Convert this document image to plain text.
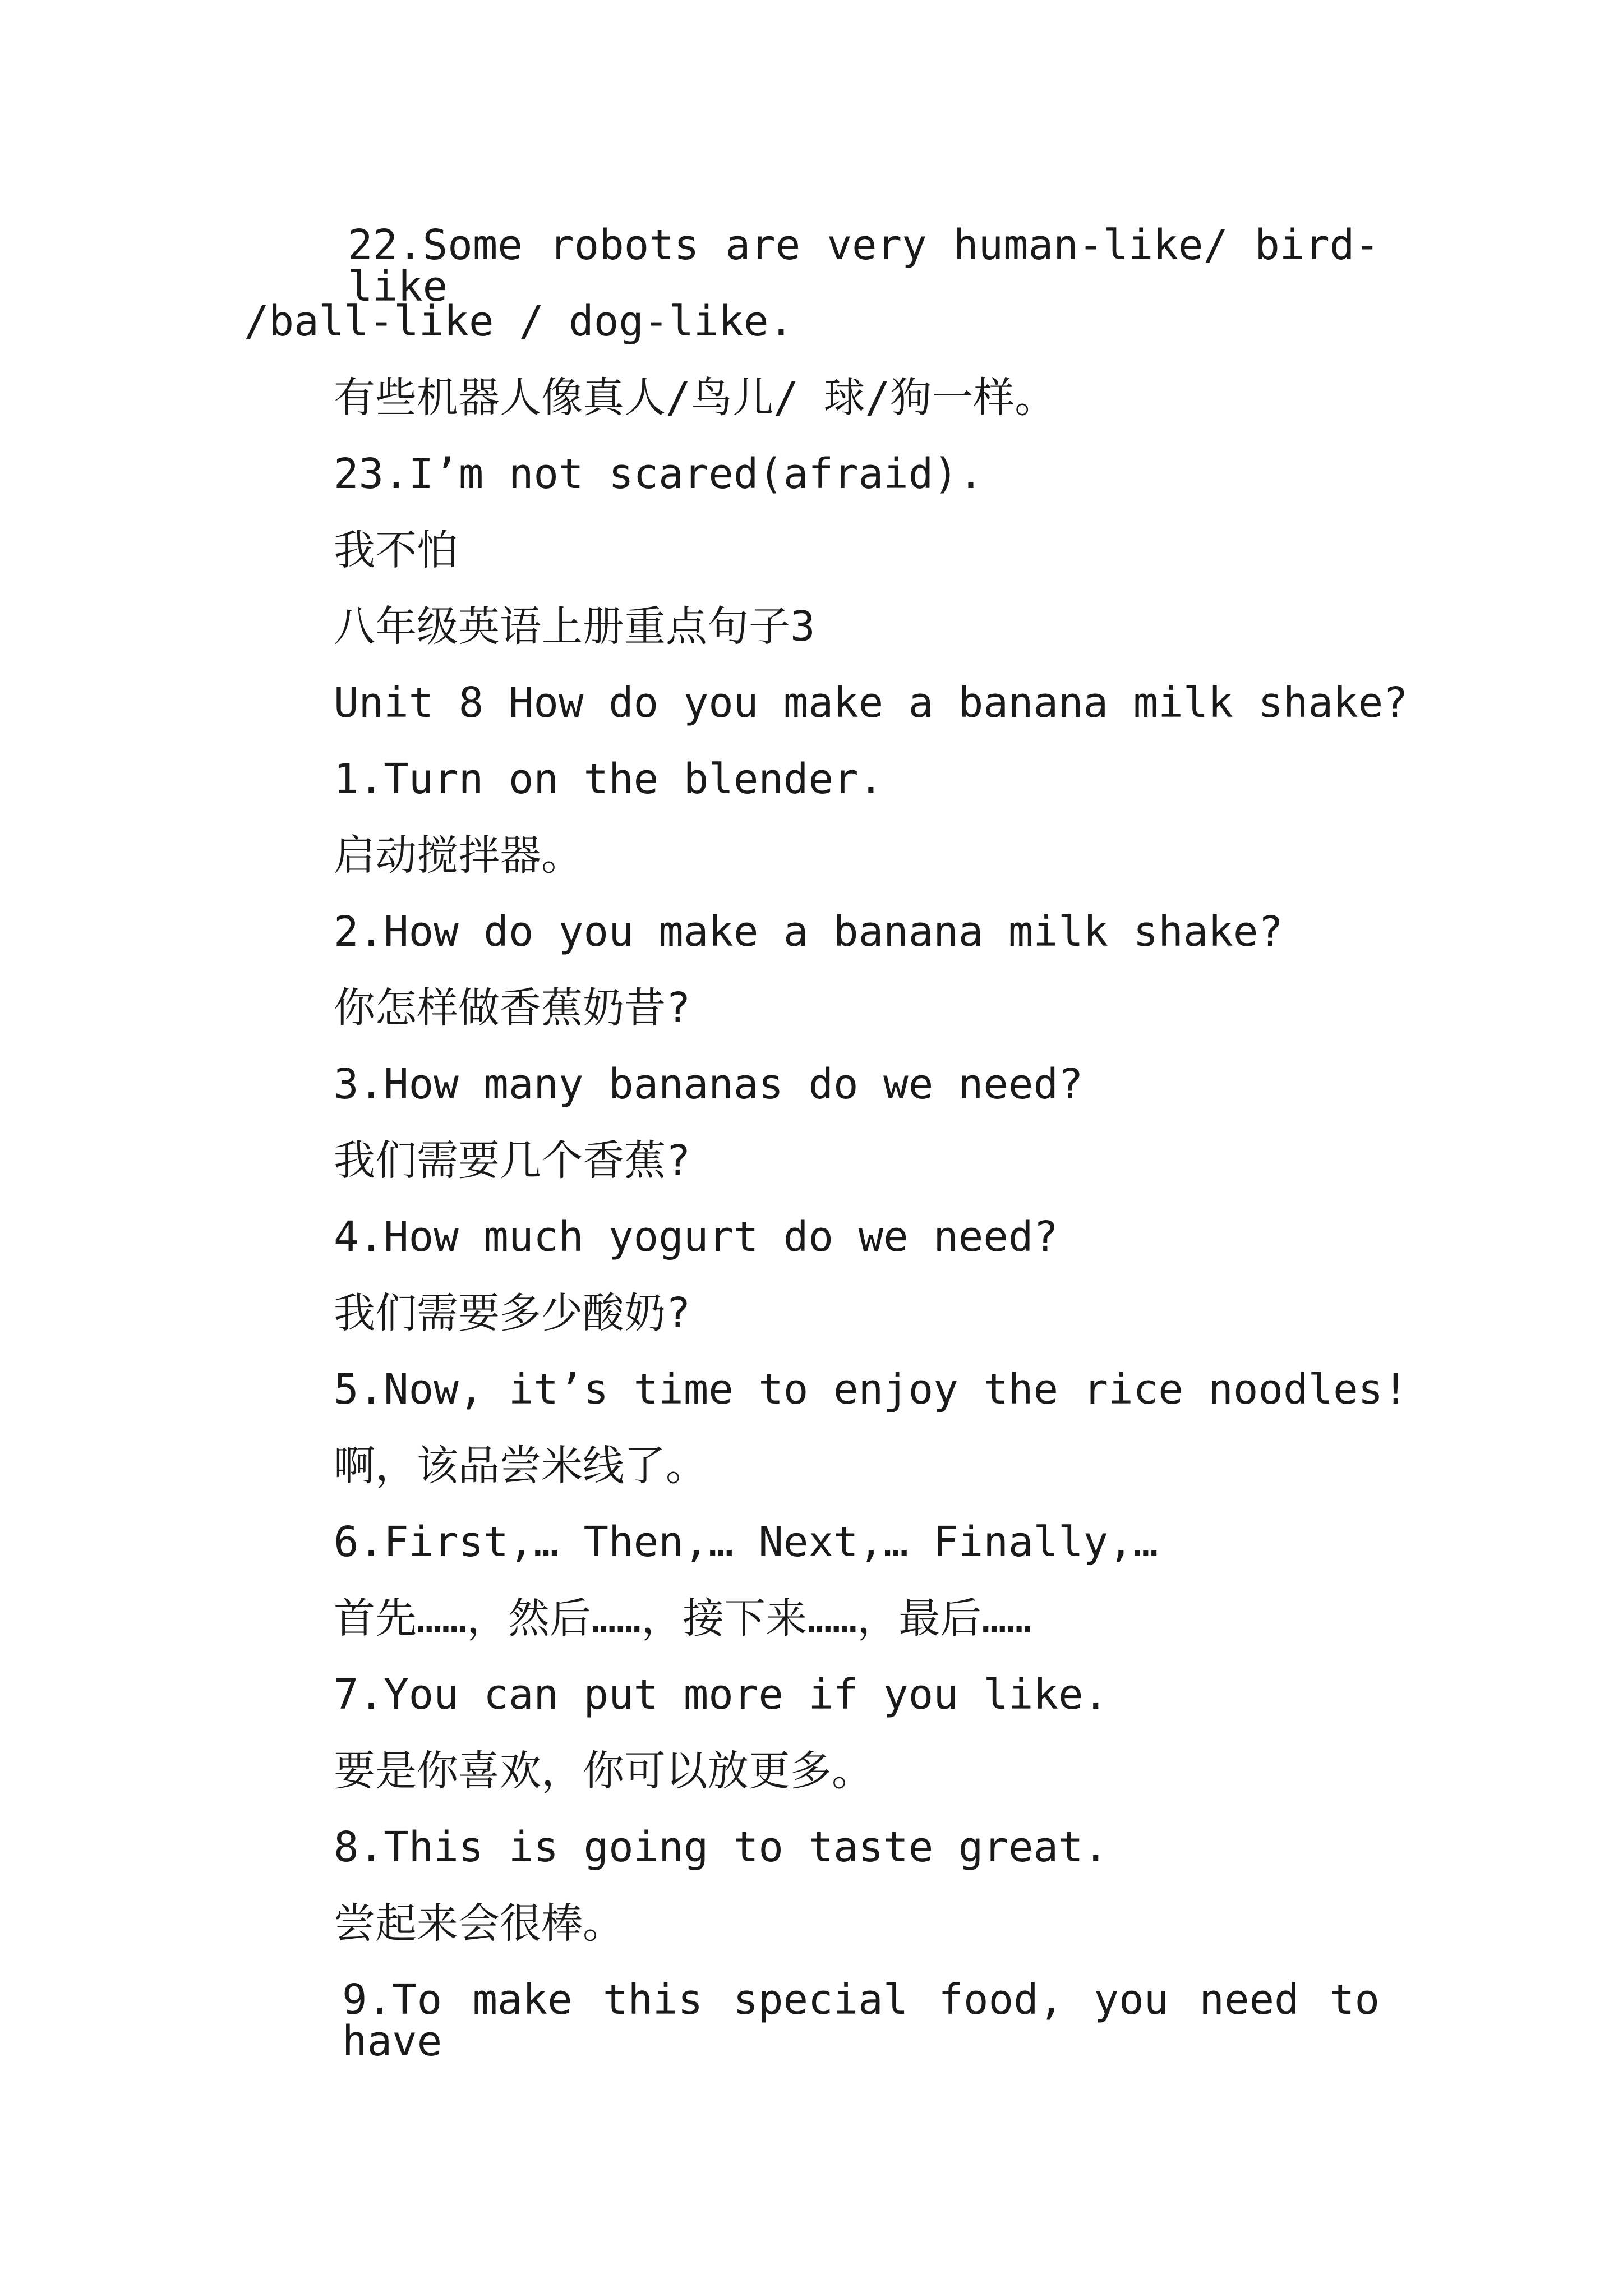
22.Some robots are very human-like/ bird-like
/ball-like / dog-like.
有些机器人像真人/鸟儿/ 球/狗一样。
23.I’m not scared(afraid).
我不怕
八年级英语上册重点句子3
Unit 8 How do you make a banana milk shake?
1.Turn on the blender.
启动搅拌器。
2.How do you make a banana milk shake?
你怎样做香蕉奶昔?
3.How many bananas do we need?
我们需要几个香蕉?
4.How much yogurt do we need?
我们需要多少酸奶?
5.Now, it’s time to enjoy the rice noodles!
啊，该品尝米线了。
6.First,… Then,… Next,… Finally,…
首先……，然后……，接下来……，最后……
7.You can put more if you like.
要是你喜欢，你可以放更多。
8.This is going to taste great.
尝起来会很棒。
9.To make this special food, you need to have
